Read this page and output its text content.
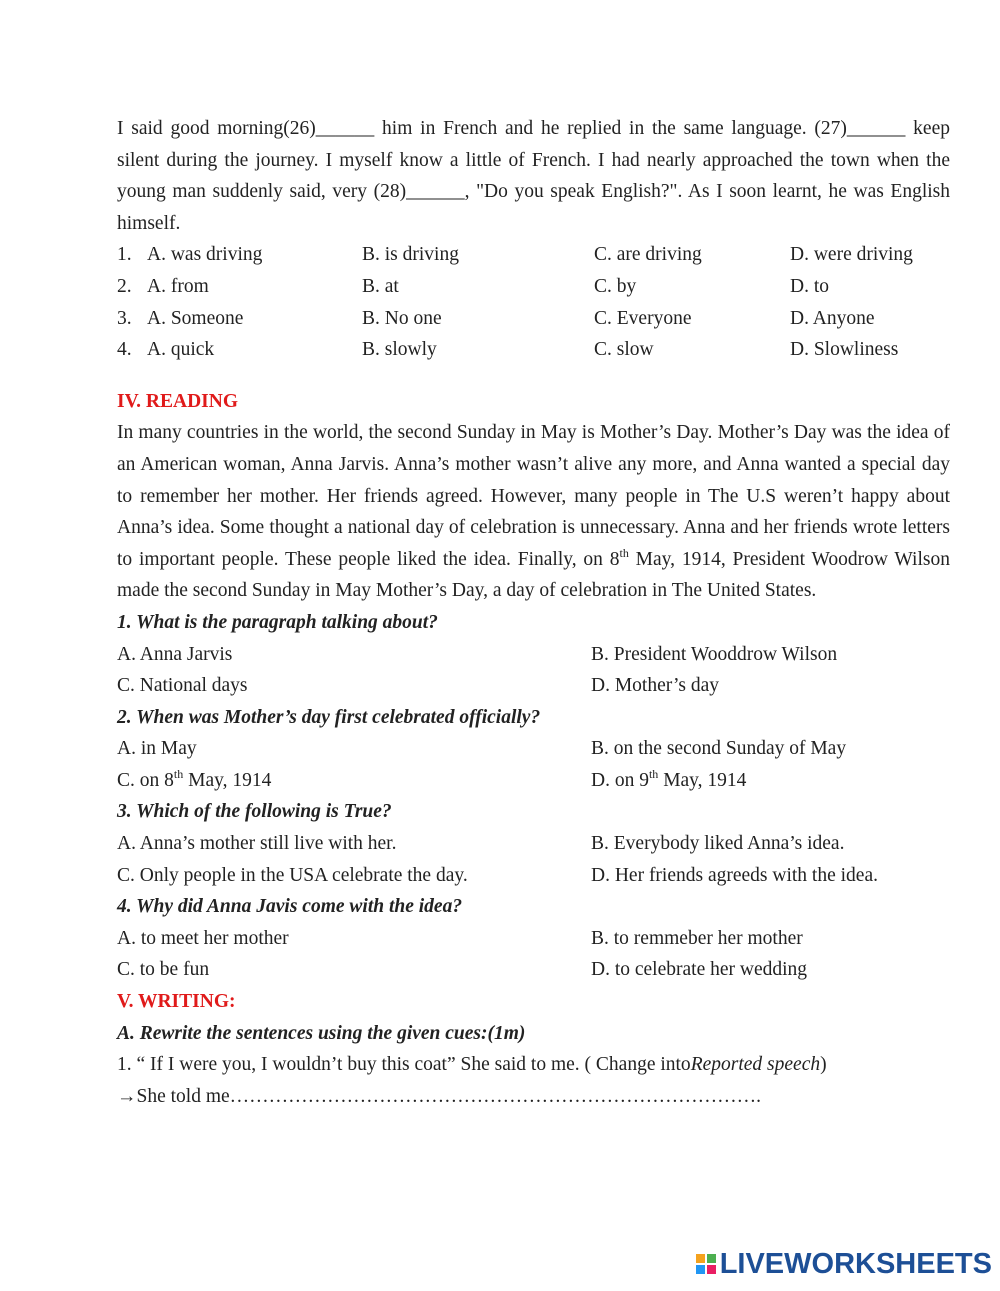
I said good morning(26)______ him in French and he replied in the same language. (27)______ keep silent during the journey. I myself know a little of French. I had nearly approached the town when the young man suddenly said, very (28)______, "Do you speak English?". As I soon learnt, he was English himself.

1. A. was driving	B. is driving	C. are driving	D. were driving
2. A. from	B. at	C. by	D. to
3. A. Someone	B. No one	C. Everyone	D. Anyone
4. A. quick	B. slowly	C. slow	D. Slowliness
IV. READING

In many countries in the world, the second Sunday in May is Mother’s Day. Mother’s Day was the idea of an American woman, Anna Jarvis. Anna’s mother wasn’t alive any more, and Anna wanted a special day to remember her mother. Her friends agreed. However, many people in The U.S weren’t happy about Anna’s idea. Some thought a national day of celebration is unnecessary. Anna and her friends wrote letters to important people. These people liked the idea. Finally, on 8th May, 1914, President Woodrow Wilson made the second Sunday in May Mother’s Day, a day of celebration in The United States.

1. What is the paragraph talking about?
A. Anna Jarvis	B. President Wooddrow Wilson
C. National days	D. Mother’s day
2. When was Mother’s day first celebrated officially?
A. in May	B. on the second Sunday of May
C. on 8th May, 1914	D. on 9th May, 1914
3. Which of the following is True?
A. Anna’s mother still live with her.	B. Everybody liked Anna’s idea.
C. Only people in the USA celebrate the day.	D. Her friends agreeds with the idea.
4. Why did Anna Javis come with the idea?
A. to meet her mother	B. to remmeber her mother
C. to be fun	D. to celebrate her wedding
V. WRITING:
A. Rewrite the sentences using the given cues:(1m)
1. “ If I were you, I wouldn’t buy this coat” She said to me. ( Change into Reported speech )
→She told me……………………………………………………………………….
LIVEWORKSHEETS
